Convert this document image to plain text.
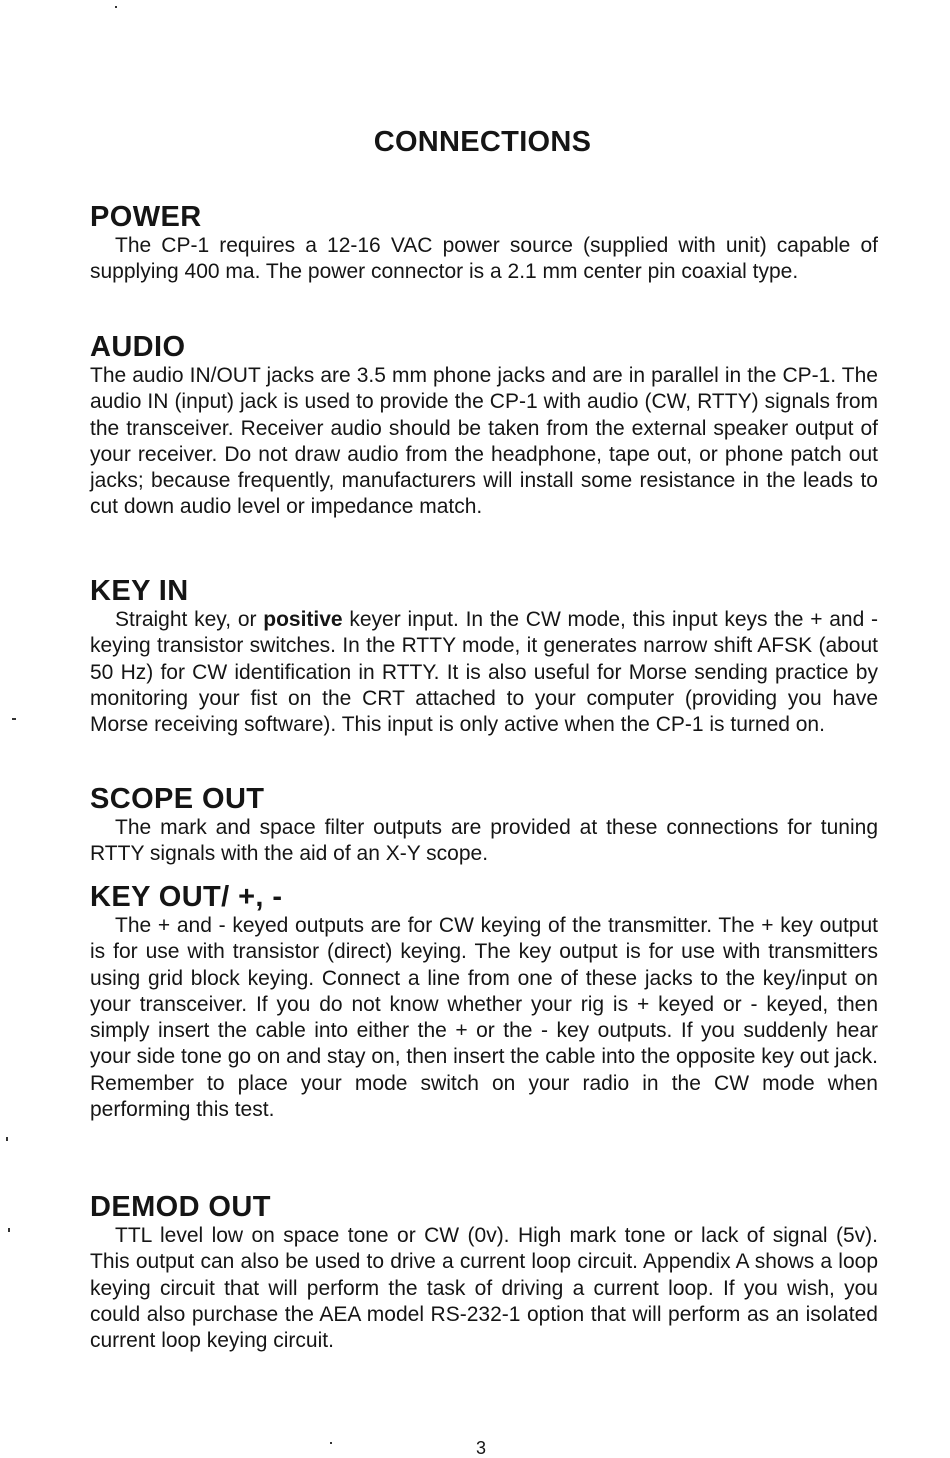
CONNECTIONS
POWER

The CP-1 requires a 12-16 VAC power source (supplied with unit) capable of supplying 400 ma. The power connector is a 2.1 mm center pin coaxial type.

AUDIO

The audio IN/OUT jacks are 3.5 mm phone jacks and are in parallel in the CP-1. The audio IN (input) jack is used to provide the CP-1 with audio (CW, RTTY) signals from the transceiver. Receiver audio should be taken from the external speaker output of your receiver. Do not draw audio from the headphone, tape out, or phone patch out jacks; because frequently, manufacturers will install some resistance in the leads to cut down audio level or impedance match.

KEY IN

Straight key, or positive keyer input. In the CW mode, this input keys the + and - keying transistor switches. In the RTTY mode, it generates narrow shift AFSK (about 50 Hz) for CW identification in RTTY. It is also useful for Morse sending practice by monitoring your fist on the CRT attached to your computer (providing you have Morse receiving software). This input is only active when the CP-1 is turned on.

SCOPE OUT

The mark and space filter outputs are provided at these connections for tuning RTTY signals with the aid of an X-Y scope.

KEY OUT/ +, -

The + and - keyed outputs are for CW keying of the transmitter. The + key output is for use with transistor (direct) keying. The key output is for use with transmitters using grid block keying. Connect a line from one of these jacks to the key/input on your transceiver. If you do not know whether your rig is + keyed or - keyed, then simply insert the cable into either the + or the - key outputs. If you suddenly hear your side tone go on and stay on, then insert the cable into the opposite key out jack. Remember to place your mode switch on your radio in the CW mode when performing this test.

DEMOD OUT

TTL level low on space tone or CW (0v). High mark tone or lack of signal (5v). This output can also be used to drive a current loop circuit. Appendix A shows a loop keying circuit that will perform the task of driving a current loop. If you wish, you could also purchase the AEA model RS-232-1 option that will perform as an isolated current loop keying circuit.

3
